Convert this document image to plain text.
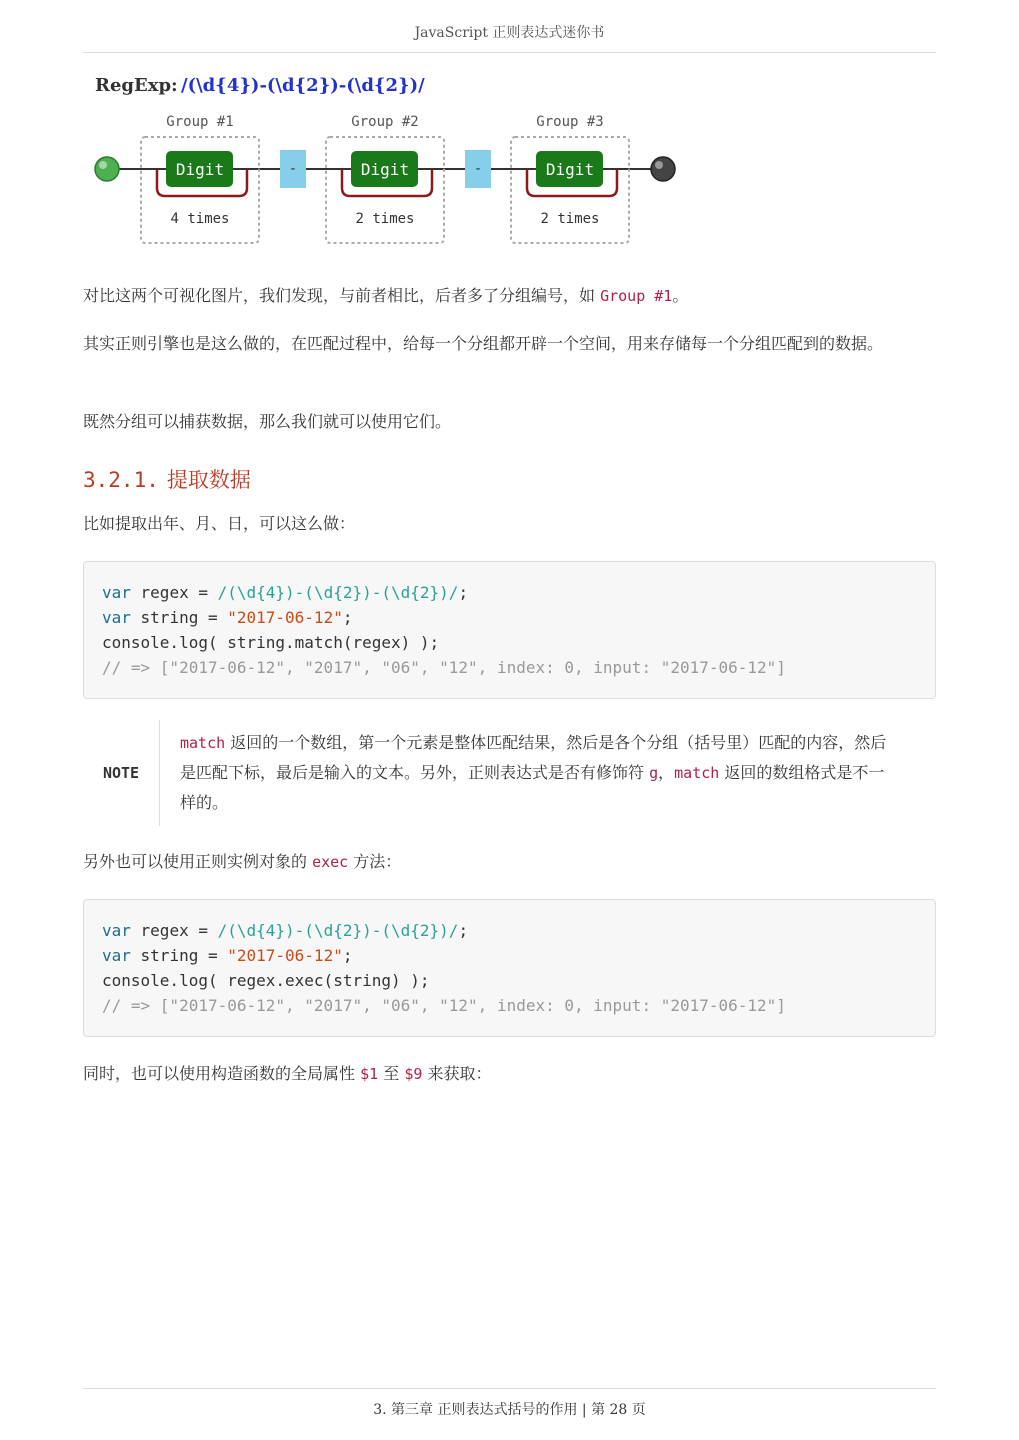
JavaScript 正则表达式迷你书
RegExp: /(\d{4})-(\d{2})-(\d{2})/
Group #1
Digit
4 times
-
Group #2
Digit
2 times
-
Group #3
Digit
2 times

对比这两个可视化图片，我们发现，与前者相比，后者多了分组编号，如 Group #1。

其实正则引擎也是这么做的，在匹配过程中，给每一个分组都开辟一个空间，用来存储每一个分组匹配到的数据。

既然分组可以捕获数据，那么我们就可以使用它们。

3.2.1. 提取数据

比如提取出年、月、日，可以这么做：

var regex = /(\d{4})-(\d{2})-(\d{2})/;
var string = "2017-06-12";
console.log( string.match(regex) );
// => ["2017-06-12", "2017", "06", "12", index: 0, input: "2017-06-12"]
NOTE
match 返回的一个数组，第一个元素是整体匹配结果，然后是各个分组（括号里）匹配的内容，然后是匹配下标，最后是输入的文本。另外，正则表达式是否有修饰符 g，match 返回的数组格式是不一样的。

另外也可以使用正则实例对象的 exec 方法：

var regex = /(\d{4})-(\d{2})-(\d{2})/;
var string = "2017-06-12";
console.log( regex.exec(string) );
// => ["2017-06-12", "2017", "06", "12", index: 0, input: "2017-06-12"]

同时，也可以使用构造函数的全局属性 $1 至 $9 来获取：

3. 第三章 正则表达式括号的作用 | 第 28 页
